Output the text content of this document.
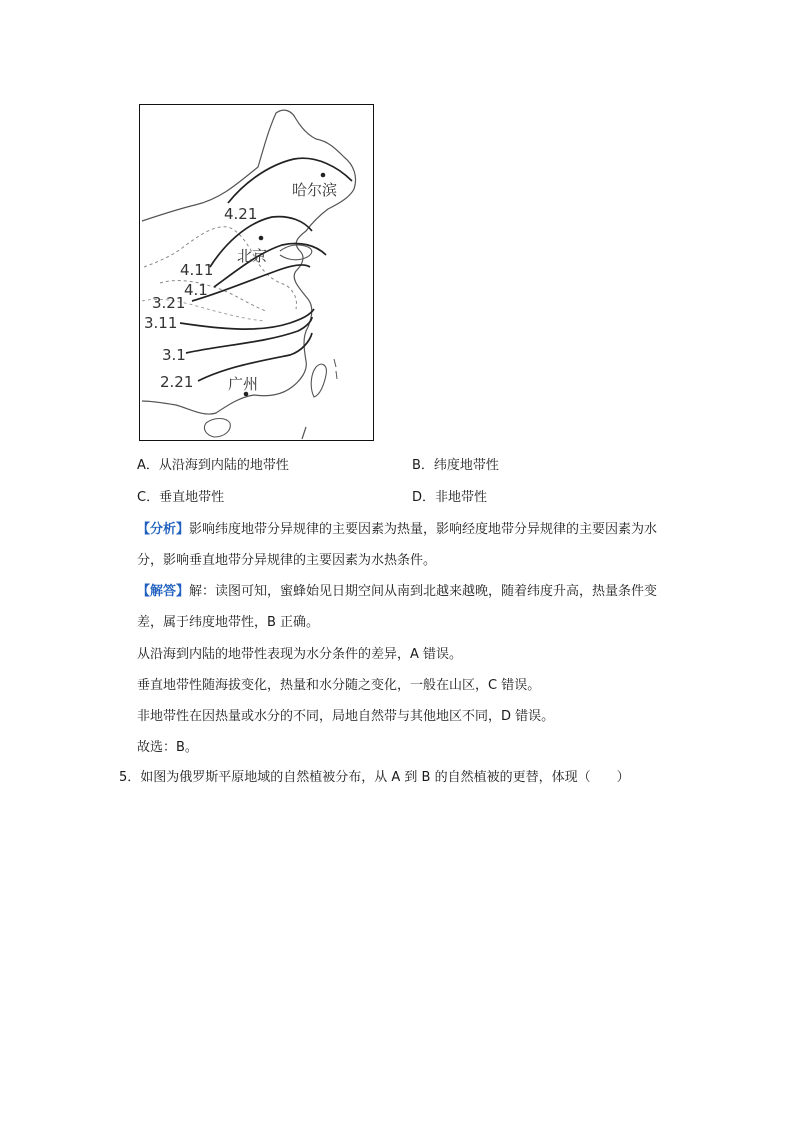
哈尔滨
北京
广州
4.21
4.11
4.1
3.21
3.11
3.1
2.21
A．从沿海到内陆的地带性	B．纬度地带性
C．垂直地带性	D．非地带性
【分析】影响纬度地带分异规律的主要因素为热量，影响经度地带分异规律的主要因素为水分，影响垂直地带分异规律的主要因素为水热条件。
【解答】解：读图可知，蜜蜂始见日期空间从南到北越来越晚，随着纬度升高，热量条件变差，属于纬度地带性，B 正确。
从沿海到内陆的地带性表现为水分条件的差异，A 错误。
垂直地带性随海拔变化，热量和水分随之变化，一般在山区，C 错误。
非地带性在因热量或水分的不同，局地自然带与其他地区不同，D 错误。
故选：B。
5．如图为俄罗斯平原地域的自然植被分布，从 A 到 B 的自然植被的更替，体现（　　）
